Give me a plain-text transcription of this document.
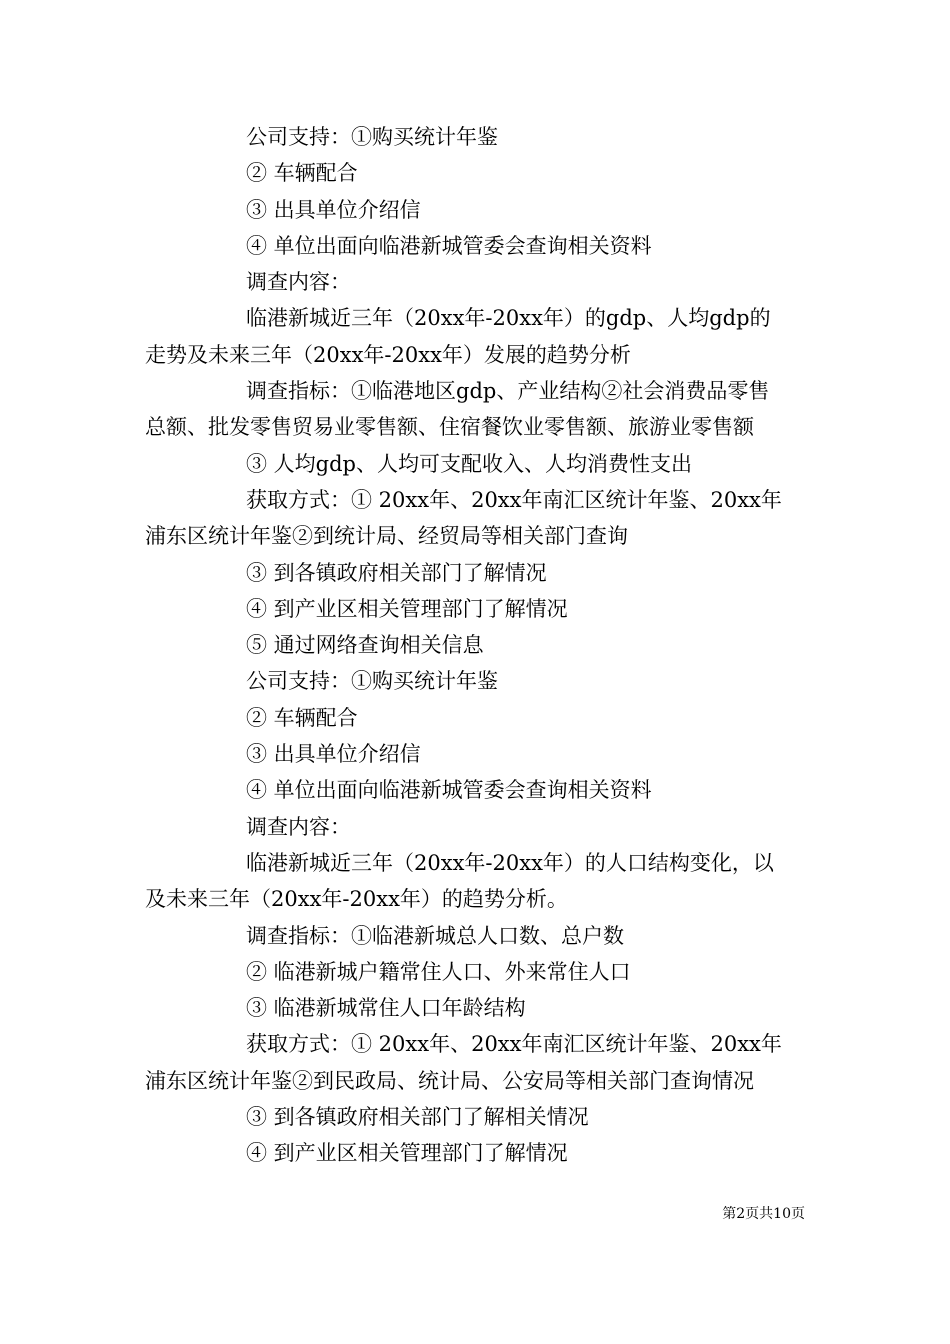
公司支持：①购买统计年鉴
② 车辆配合
③ 出具单位介绍信
④ 单位出面向临港新城管委会查询相关资料
调查内容：
临港新城近三年（20xx年-20xx年）的gdp、人均gdp的
走势及未来三年（20xx年-20xx年）发展的趋势分析
调查指标：①临港地区gdp、产业结构②社会消费品零售
总额、批发零售贸易业零售额、住宿餐饮业零售额、旅游业零售额
③ 人均gdp、人均可支配收入、人均消费性支出
获取方式：① 20xx年、20xx年南汇区统计年鉴、20xx年
浦东区统计年鉴②到统计局、经贸局等相关部门查询
③ 到各镇政府相关部门了解情况
④ 到产业区相关管理部门了解情况
⑤ 通过网络查询相关信息
公司支持：①购买统计年鉴
② 车辆配合
③ 出具单位介绍信
④ 单位出面向临港新城管委会查询相关资料
调查内容：
临港新城近三年（20xx年-20xx年）的人口结构变化，以
及未来三年（20xx年-20xx年）的趋势分析。
调查指标：①临港新城总人口数、总户数
② 临港新城户籍常住人口、外来常住人口
③ 临港新城常住人口年龄结构
获取方式：① 20xx年、20xx年南汇区统计年鉴、20xx年
浦东区统计年鉴②到民政局、统计局、公安局等相关部门查询情况
③ 到各镇政府相关部门了解相关情况
④ 到产业区相关管理部门了解情况
第2页共10页
